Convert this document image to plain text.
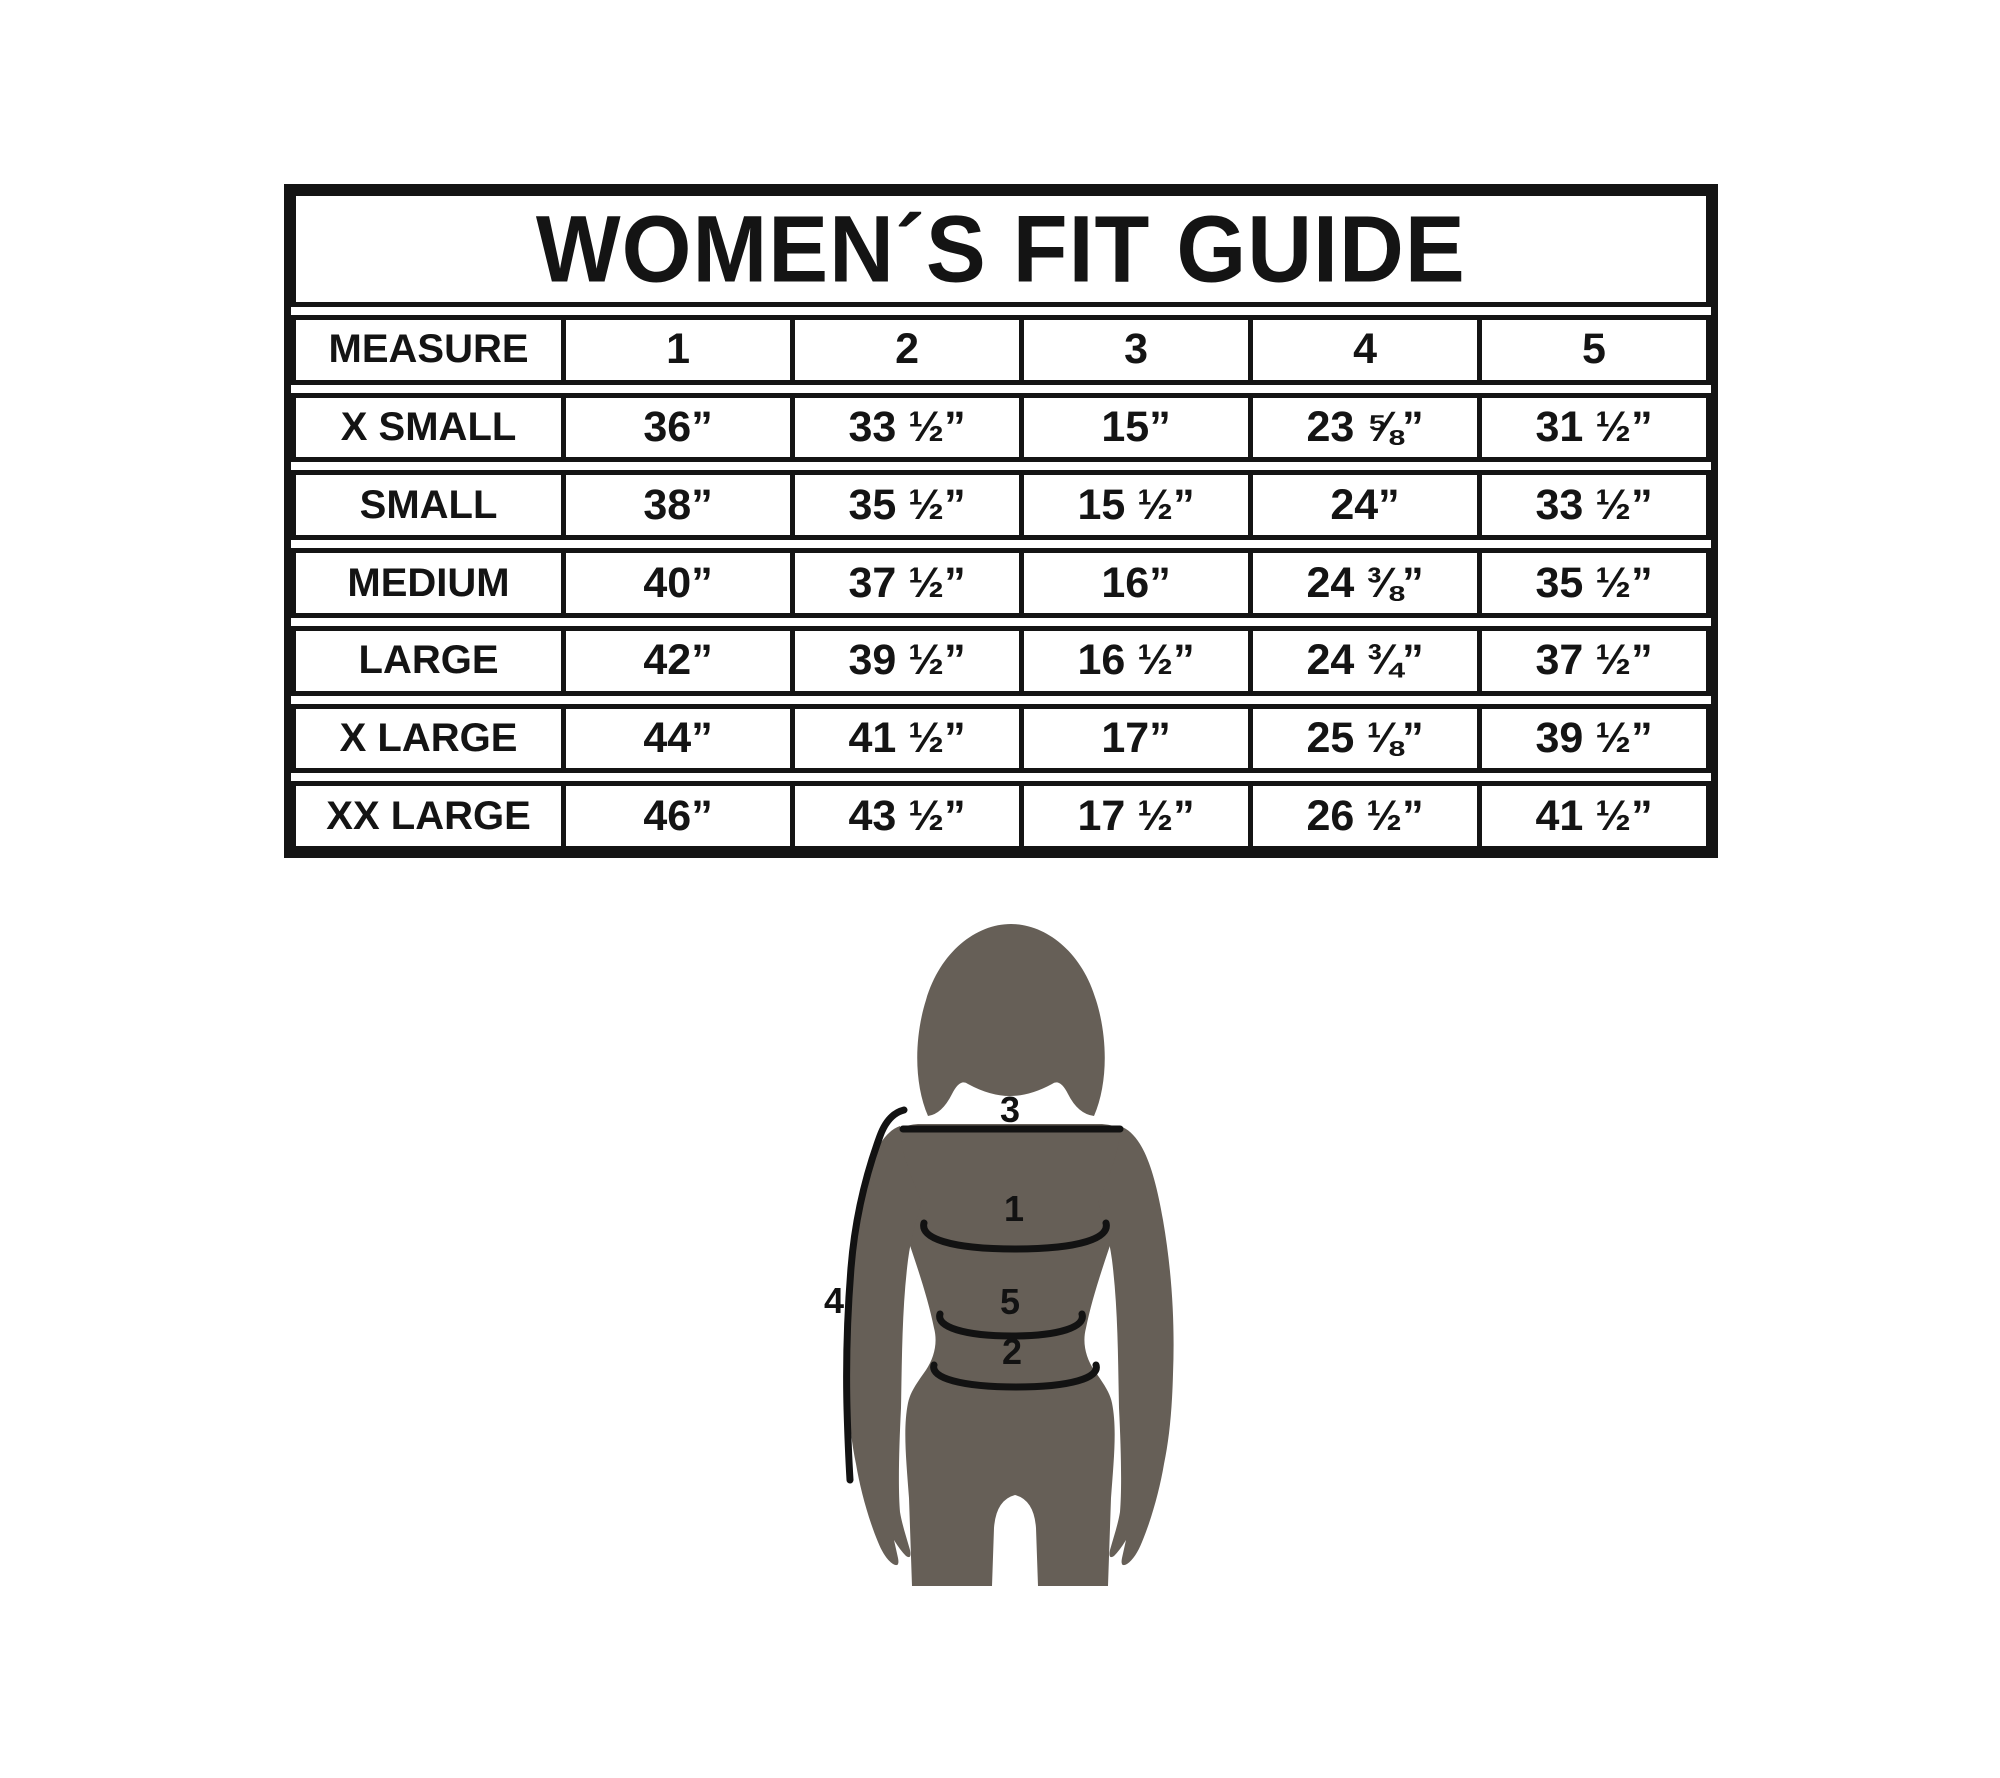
WOMEN´S FIT GUIDE
MEASURE	1	2	3	4	5
X SMALL	36”	33 ½”	15”	23 ⅝”	31 ½”
SMALL	38”	35 ½”	15 ½”	24”	33 ½”
MEDIUM	40”	37 ½”	16”	24 ⅜”	35 ½”
LARGE	42”	39 ½”	16 ½”	24 ¾”	37 ½”
X LARGE	44”	41 ½”	17”	25 ⅛”	39 ½”
XX LARGE	46”	43 ½”	17 ½”	26 ½”	41 ½”
3
1
5
2
4
